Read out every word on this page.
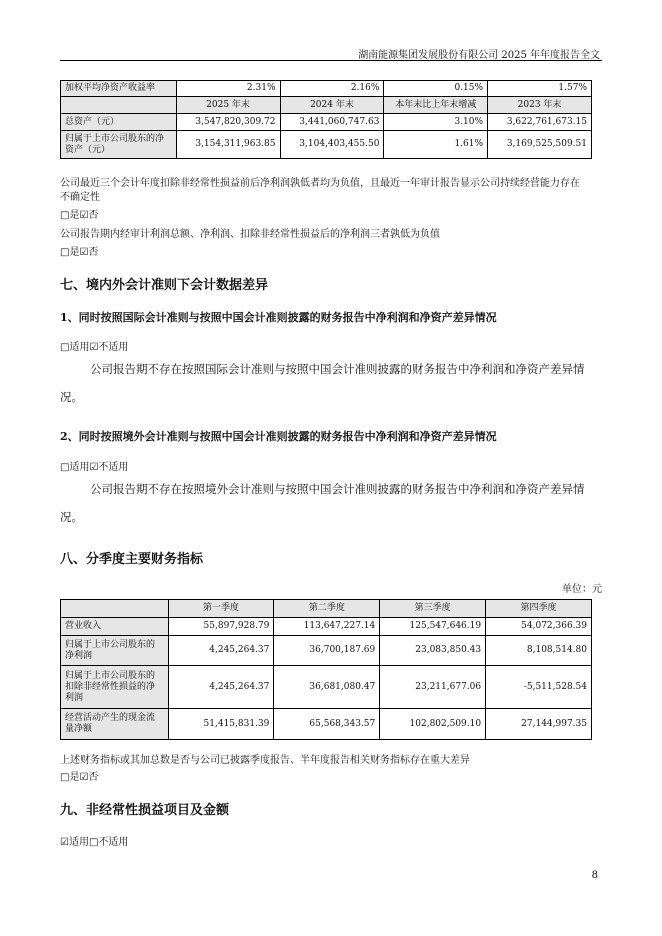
湖南能源集团发展股份有限公司 2025 年年度报告全文
加权平均净资产收益率	2.31%	2.16%	0.15%	1.57%
	2025 年末	2024 年末	本年末比上年末增减	2023 年末
总资产（元）	3,547,820,309.72	3,441,060,747.63	3.10%	3,622,761,673.15
归属于上市公司股东的净资产（元）	3,154,311,963.85	3,104,403,455.50	1.61%	3,169,525,509.51
公司最近三个会计年度扣除非经常性损益前后净利润孰低者均为负值，且最近一年审计报告显示公司持续经营能力存在
不确定性
□是☑否
公司报告期内经审计利润总额、净利润、扣除非经常性损益后的净利润三者孰低为负值
□是☑否
七、境内外会计准则下会计数据差异
1、同时按照国际会计准则与按照中国会计准则披露的财务报告中净利润和净资产差异情况
□适用☑不适用
公司报告期不存在按照国际会计准则与按照中国会计准则披露的财务报告中净利润和净资产差异情
况。
2、同时按照境外会计准则与按照中国会计准则披露的财务报告中净利润和净资产差异情况
□适用☑不适用
公司报告期不存在按照境外会计准则与按照中国会计准则披露的财务报告中净利润和净资产差异情
况。
八、分季度主要财务指标
单位：元
	第一季度	第二季度	第三季度	第四季度
营业收入	55,897,928.79	113,647,227.14	125,547,646.19	54,072,366.39
归属于上市公司股东的净利润	4,245,264.37	36,700,187.69	23,083,850.43	8,108,514.80
归属于上市公司股东的扣除非经常性损益的净利润	4,245,264.37	36,681,080.47	23,211,677.06	-5,511,528.54
经营活动产生的现金流量净额	51,415,831.39	65,568,343.57	102,802,509.10	27,144,997.35
上述财务指标或其加总数是否与公司已披露季度报告、半年度报告相关财务指标存在重大差异
□是☑否
九、非经常性损益项目及金额
☑适用□不适用
8
